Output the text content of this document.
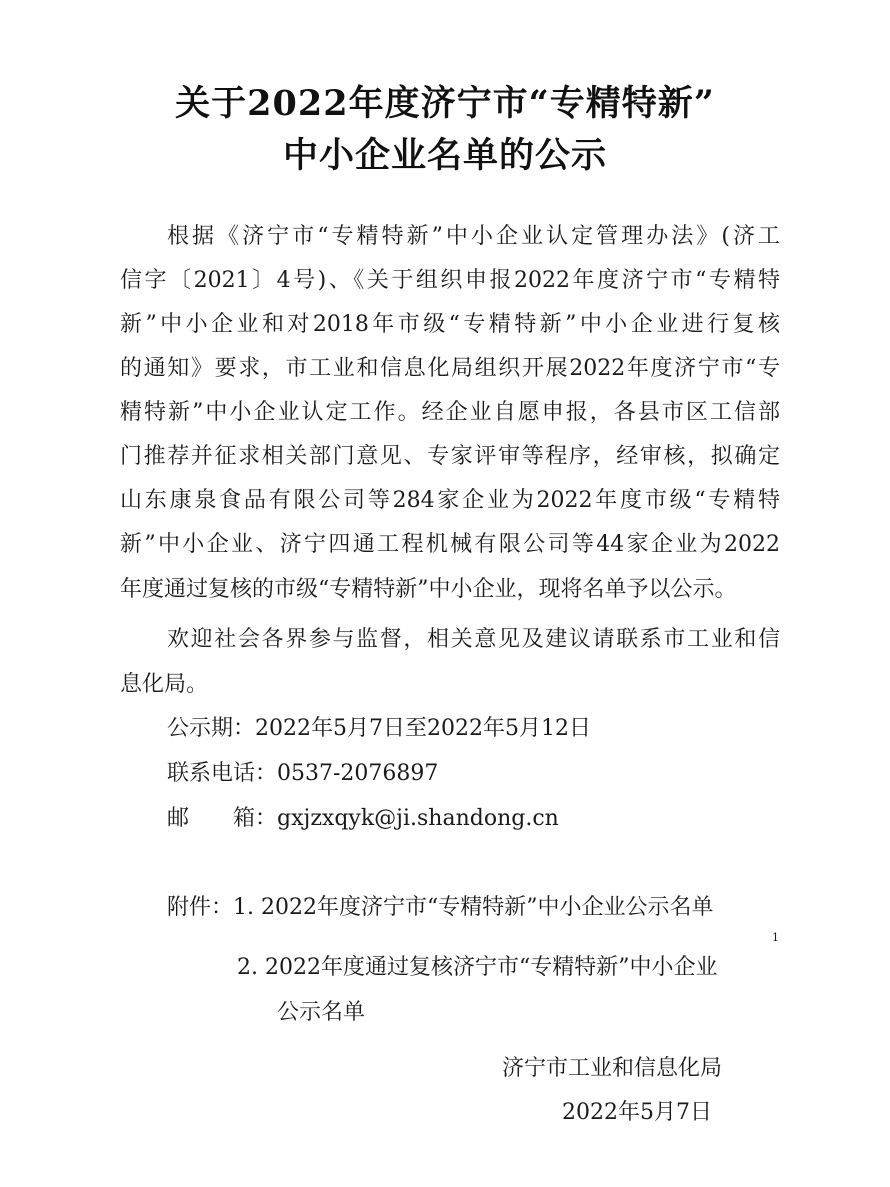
关于2022年度济宁市“专精特新”
中小企业名单的公示
根据《济宁市“专精特新”中小企业认定管理办法》(济工
信字〔2021〕4号)、《关于组织申报2022年度济宁市“专精特
新”中小企业和对2018年市级“专精特新”中小企业进行复核
的通知》要求，市工业和信息化局组织开展2022年度济宁市“专
精特新”中小企业认定工作。经企业自愿申报，各县市区工信部
门推荐并征求相关部门意见、专家评审等程序，经审核，拟确定
山东康泉食品有限公司等284家企业为2022年度市级“专精特
新”中小企业、济宁四通工程机械有限公司等44家企业为2022
年度通过复核的市级“专精特新”中小企业，现将名单予以公示。
欢迎社会各界参与监督，相关意见及建议请联系市工业和信
息化局。
公示期：2022年5月7日至2022年5月12日
联系电话：0537-2076897
邮　　箱：gxjzxqyk@ji.shandong.cn
附件：1. 2022年度济宁市“专精特新”中小企业公示名单
1
2. 2022年度通过复核济宁市“专精特新”中小企业
公示名单
济宁市工业和信息化局
2022年5月7日
